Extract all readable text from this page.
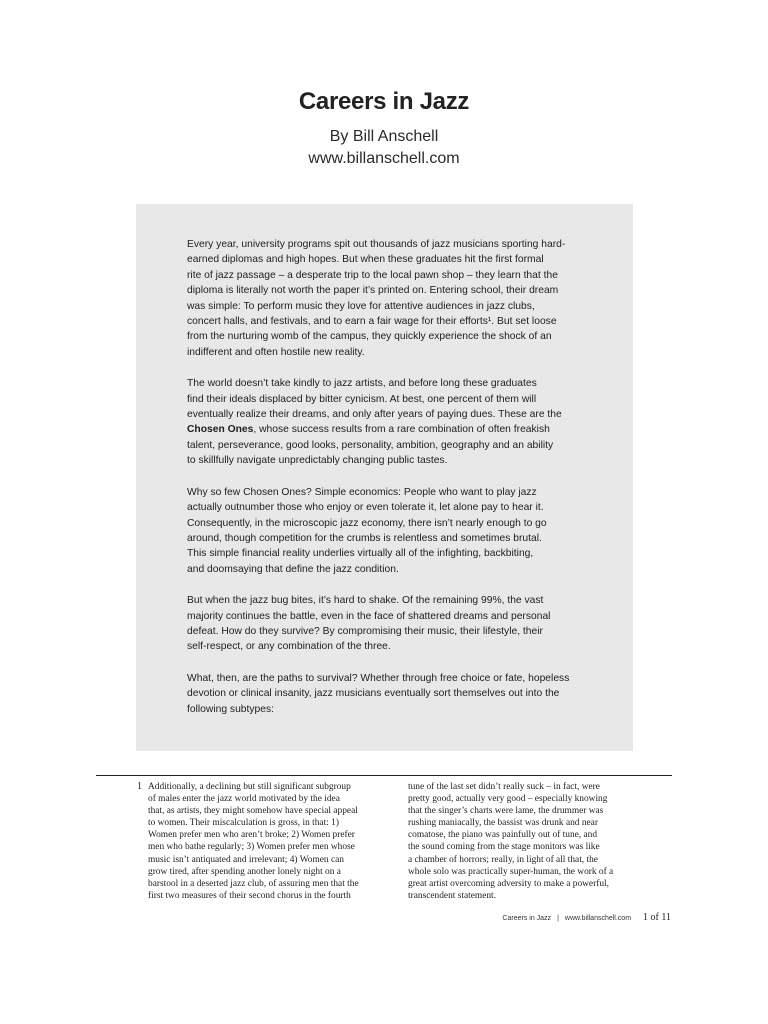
Careers in Jazz
By Bill Anschell
www.billanschell.com

Every year, university programs spit out thousands of jazz musicians sporting hard-
earned diplomas and high hopes. But when these graduates hit the first formal
rite of jazz passage – a desperate trip to the local pawn shop – they learn that the
diploma is literally not worth the paper it’s printed on. Entering school, their dream
was simple: To perform music they love for attentive audiences in jazz clubs,
concert halls, and festivals, and to earn a fair wage for their efforts¹. But set loose
from the nurturing womb of the campus, they quickly experience the shock of an
indifferent and often hostile new reality.

The world doesn’t take kindly to jazz artists, and before long these graduates
find their ideals displaced by bitter cynicism. At best, one percent of them will
eventually realize their dreams, and only after years of paying dues. These are the
Chosen Ones, whose success results from a rare combination of often freakish
talent, perseverance, good looks, personality, ambition, geography and an ability
to skillfully navigate unpredictably changing public tastes.

Why so few Chosen Ones? Simple economics: People who want to play jazz
actually outnumber those who enjoy or even tolerate it, let alone pay to hear it.
Consequently, in the microscopic jazz economy, there isn’t nearly enough to go
around, though competition for the crumbs is relentless and sometimes brutal.
This simple financial reality underlies virtually all of the infighting, backbiting,
and doomsaying that define the jazz condition.

But when the jazz bug bites, it’s hard to shake. Of the remaining 99%, the vast
majority continues the battle, even in the face of shattered dreams and personal
defeat. How do they survive? By compromising their music, their lifestyle, their
self-respect, or any combination of the three.

What, then, are the paths to survival? Whether through free choice or fate, hopeless
devotion or clinical insanity, jazz musicians eventually sort themselves out into the
following subtypes:

1 Additionally, a declining but still significant subgroup
of males enter the jazz world motivated by the idea
that, as artists, they might somehow have special appeal
to women. Their miscalculation is gross, in that: 1)
Women prefer men who aren’t broke; 2) Women prefer
men who bathe regularly; 3) Women prefer men whose
music isn’t antiquated and irrelevant; 4) Women can
grow tired, after spending another lonely night on a
barstool in a deserted jazz club, of assuring men that the
first two measures of their second chorus in the fourth
tune of the last set didn’t really suck – in fact, were
pretty good, actually very good – especially knowing
that the singer’s charts were lame, the drummer was
rushing maniacally, the bassist was drunk and near
comatose, the piano was painfully out of tune, and
the sound coming from the stage monitors was like
a chamber of horrors; really, in light of all that, the
whole solo was practically super-human, the work of a
great artist overcoming adversity to make a powerful,
transcendent statement.
Careers in Jazz | www.billanschell.com 1 of 11
